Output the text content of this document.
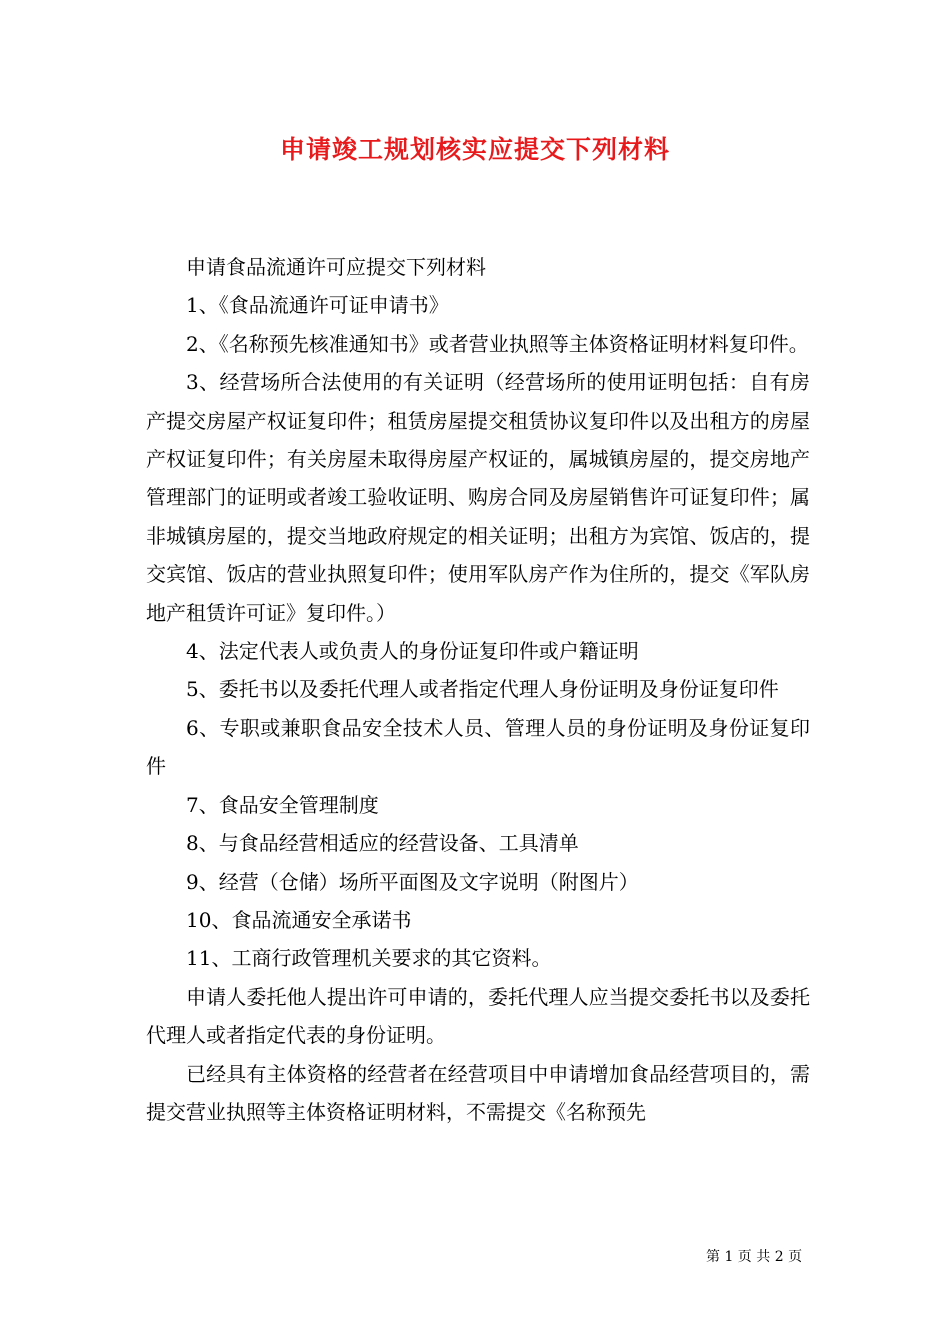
申请竣工规划核实应提交下列材料

申请食品流通许可应提交下列材料

1、《食品流通许可证申请书》

2、《名称预先核准通知书》或者营业执照等主体资格证明材料复印件。

3、经营场所合法使用的有关证明（经营场所的使用证明包括：自有房产提交房屋产权证复印件；租赁房屋提交租赁协议复印件以及出租方的房屋产权证复印件；有关房屋未取得房屋产权证的，属城镇房屋的，提交房地产管理部门的证明或者竣工验收证明、购房合同及房屋销售许可证复印件；属非城镇房屋的，提交当地政府规定的相关证明；出租方为宾馆、饭店的，提交宾馆、饭店的营业执照复印件；使用军队房产作为住所的，提交《军队房地产租赁许可证》复印件。）

4、法定代表人或负责人的身份证复印件或户籍证明

5、委托书以及委托代理人或者指定代理人身份证明及身份证复印件

6、专职或兼职食品安全技术人员、管理人员的身份证明及身份证复印件

7、食品安全管理制度

8、与食品经营相适应的经营设备、工具清单

9、经营（仓储）场所平面图及文字说明（附图片）

10、食品流通安全承诺书

11、工商行政管理机关要求的其它资料。

申请人委托他人提出许可申请的，委托代理人应当提交委托书以及委托代理人或者指定代表的身份证明。

已经具有主体资格的经营者在经营项目中申请增加食品经营项目的，需提交营业执照等主体资格证明材料，不需提交《名称预先

第 1 页 共 2 页
